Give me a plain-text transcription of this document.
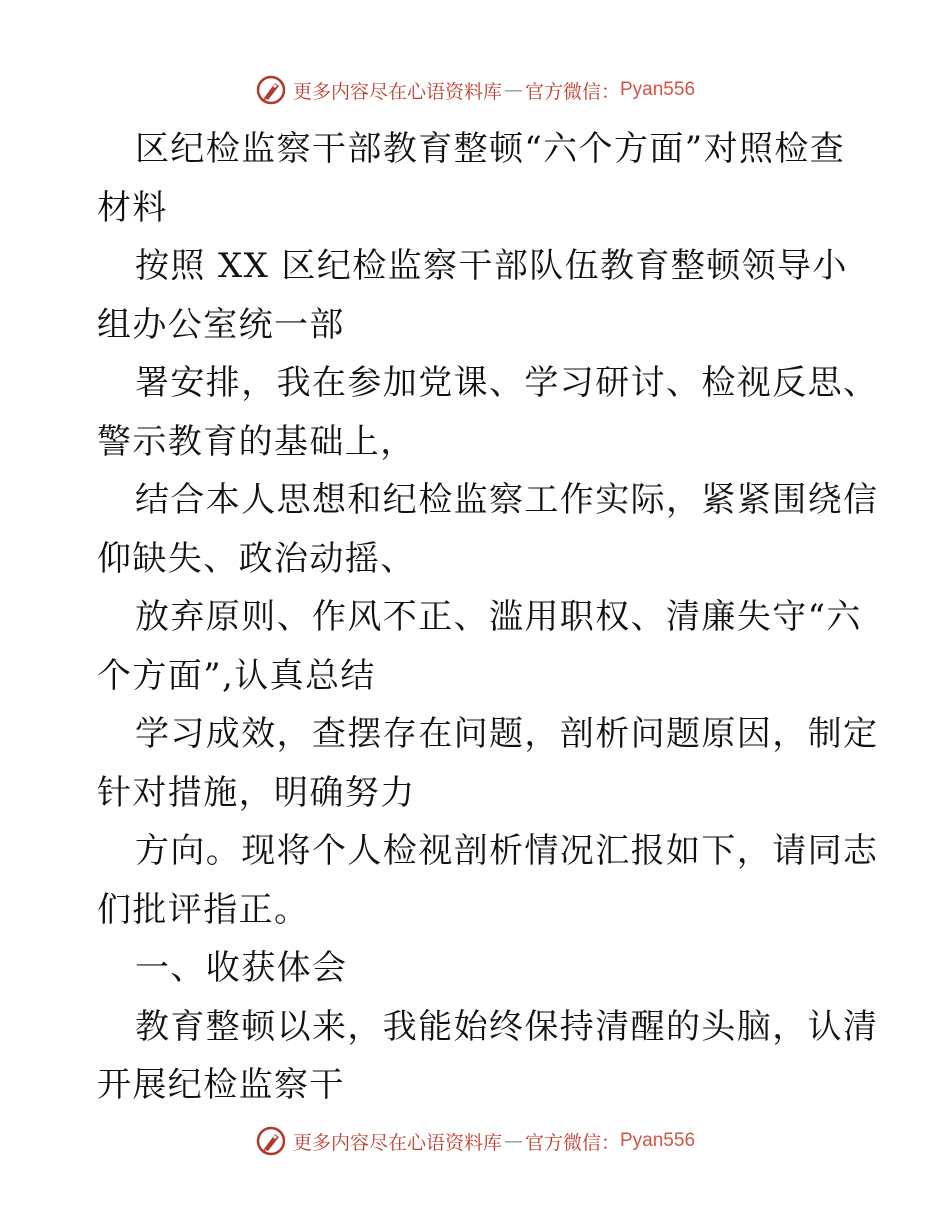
更多内容尽在心语资料库 — 官方微信： Pyan556
区纪检监察干部教育整顿“六个方面”对照检查
材料
按照 XX 区纪检监察干部队伍教育整顿领导小
组办公室统一部
署安排，我在参加党课、学习研讨、检视反思、
警示教育的基础上，
结合本人思想和纪检监察工作实际，紧紧围绕信
仰缺失、政治动摇、
放弃原则、作风不正、滥用职权、清廉失守“六
个方面”,认真总结
学习成效，查摆存在问题，剖析问题原因，制定
针对措施，明确努力
方向。现将个人检视剖析情况汇报如下，请同志
们批评指正。
一、收获体会
教育整顿以来，我能始终保持清醒的头脑，认清
开展纪检监察干
更多内容尽在心语资料库 — 官方微信： Pyan556
